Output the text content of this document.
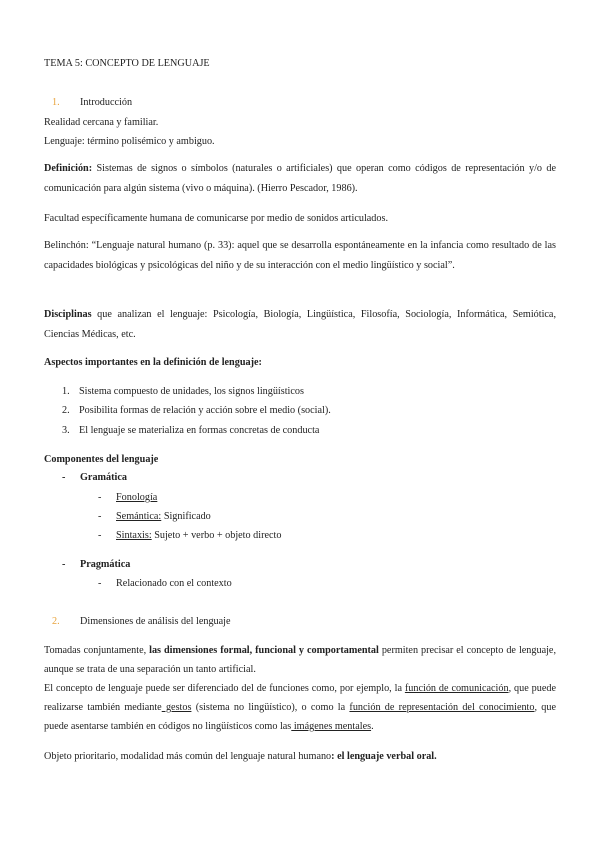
TEMA 5: CONCEPTO DE LENGUAJE
1. Introducción
Realidad cercana y familiar.
Lenguaje: término polisémico y ambiguo.
Definición: Sistemas de signos o símbolos (naturales o artificiales) que operan como códigos de representación y/o de comunicación para algún sistema (vivo o máquina). (Hierro Pescador, 1986).
Facultad específicamente humana de comunicarse por medio de sonidos articulados.
Belinchón: “Lenguaje natural humano (p. 33): aquel que se desarrolla espontáneamente en la infancia como resultado de las capacidades biológicas y psicológicas del niño y de su interacción con el medio lingüístico y social”.
Disciplinas que analizan el lenguaje: Psicología, Biología, Lingüística, Filosofía, Sociología, Informática, Semiótica, Ciencias Médicas, etc.
Aspectos importantes en la definición de lenguaje:
1. Sistema compuesto de unidades, los signos lingüísticos
2. Posibilita formas de relación y acción sobre el medio (social).
3. El lenguaje se materializa en formas concretas de conducta
Componentes del lenguaje
- Gramática
- Fonología
- Semántica: Significado
- Sintaxis: Sujeto + verbo + objeto directo
- Pragmática
- Relacionado con el contexto
2. Dimensiones de análisis del lenguaje
Tomadas conjuntamente, las dimensiones formal, funcional y comportamental permiten precisar el concepto de lenguaje, aunque se trata de una separación un tanto artificial.
El concepto de lenguaje puede ser diferenciado del de funciones como, por ejemplo, la función de comunicación, que puede realizarse también mediante gestos (sistema no lingüístico), o como la función de representación del conocimiento, que puede asentarse también en códigos no lingüísticos como las imágenes mentales.
Objeto prioritario, modalidad más común del lenguaje natural humano: el lenguaje verbal oral.
